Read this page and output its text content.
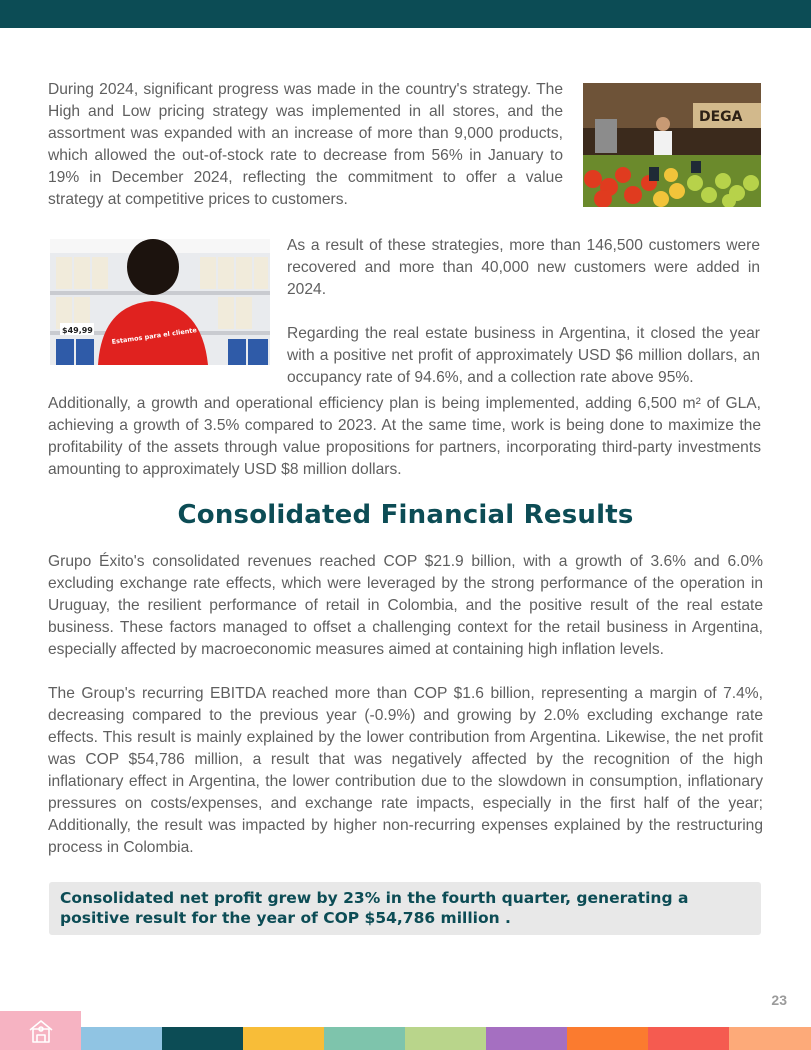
During 2024, significant progress was made in the country's strategy. The High and Low pricing strategy was implemented in all stores, and the assortment was expanded with an increase of more than 9,000 products, which allowed the out-of-stock rate to decrease from 56% in January to 19% in December 2024, reflecting the commitment to offer a value strategy at competitive prices to customers.

DEGA
$49,99	Estamos para el cliente

As a result of these strategies, more than 146,500 customers were recovered and more than 40,000 new customers were added in 2024.

Regarding the real estate business in Argentina, it closed the year with a positive net profit of approximately USD $6 million dollars, an occupancy rate of 94.6%, and a collection rate above 95%.

Additionally, a growth and operational efficiency plan is being implemented, adding 6,500 m² of GLA, achieving a growth of 3.5% compared to 2023. At the same time, work is being done to maximize the profitability of the assets through value propositions for partners, incorporating third-party investments amounting to approximately USD $8 million dollars.

Consolidated Financial Results

Grupo Éxito's consolidated revenues reached COP $21.9 billion, with a growth of 3.6% and 6.0% excluding exchange rate effects, which were leveraged by the strong performance of the operation in Uruguay, the resilient performance of retail in Colombia, and the positive result of the real estate business. These factors managed to offset a challenging context for the retail business in Argentina, especially affected by macroeconomic measures aimed at containing high inflation levels.

The Group's recurring EBITDA reached more than COP $1.6 billion, representing a margin of 7.4%, decreasing compared to the previous year (-0.9%) and growing by 2.0% excluding exchange rate effects. This result is mainly explained by the lower contribution from Argentina. Likewise, the net profit was COP $54,786 million, a result that was negatively affected by the recognition of the high inflationary effect in Argentina, the lower contribution due to the slowdown in consumption, inflationary pressures on costs/expenses, and exchange rate impacts, especially in the first half of the year; Additionally, the result was impacted by higher non-recurring expenses explained by the restructuring process in Colombia.

Consolidated net profit grew by 23% in the fourth quarter, generating a positive result for the year of COP $54,786 million .
23
